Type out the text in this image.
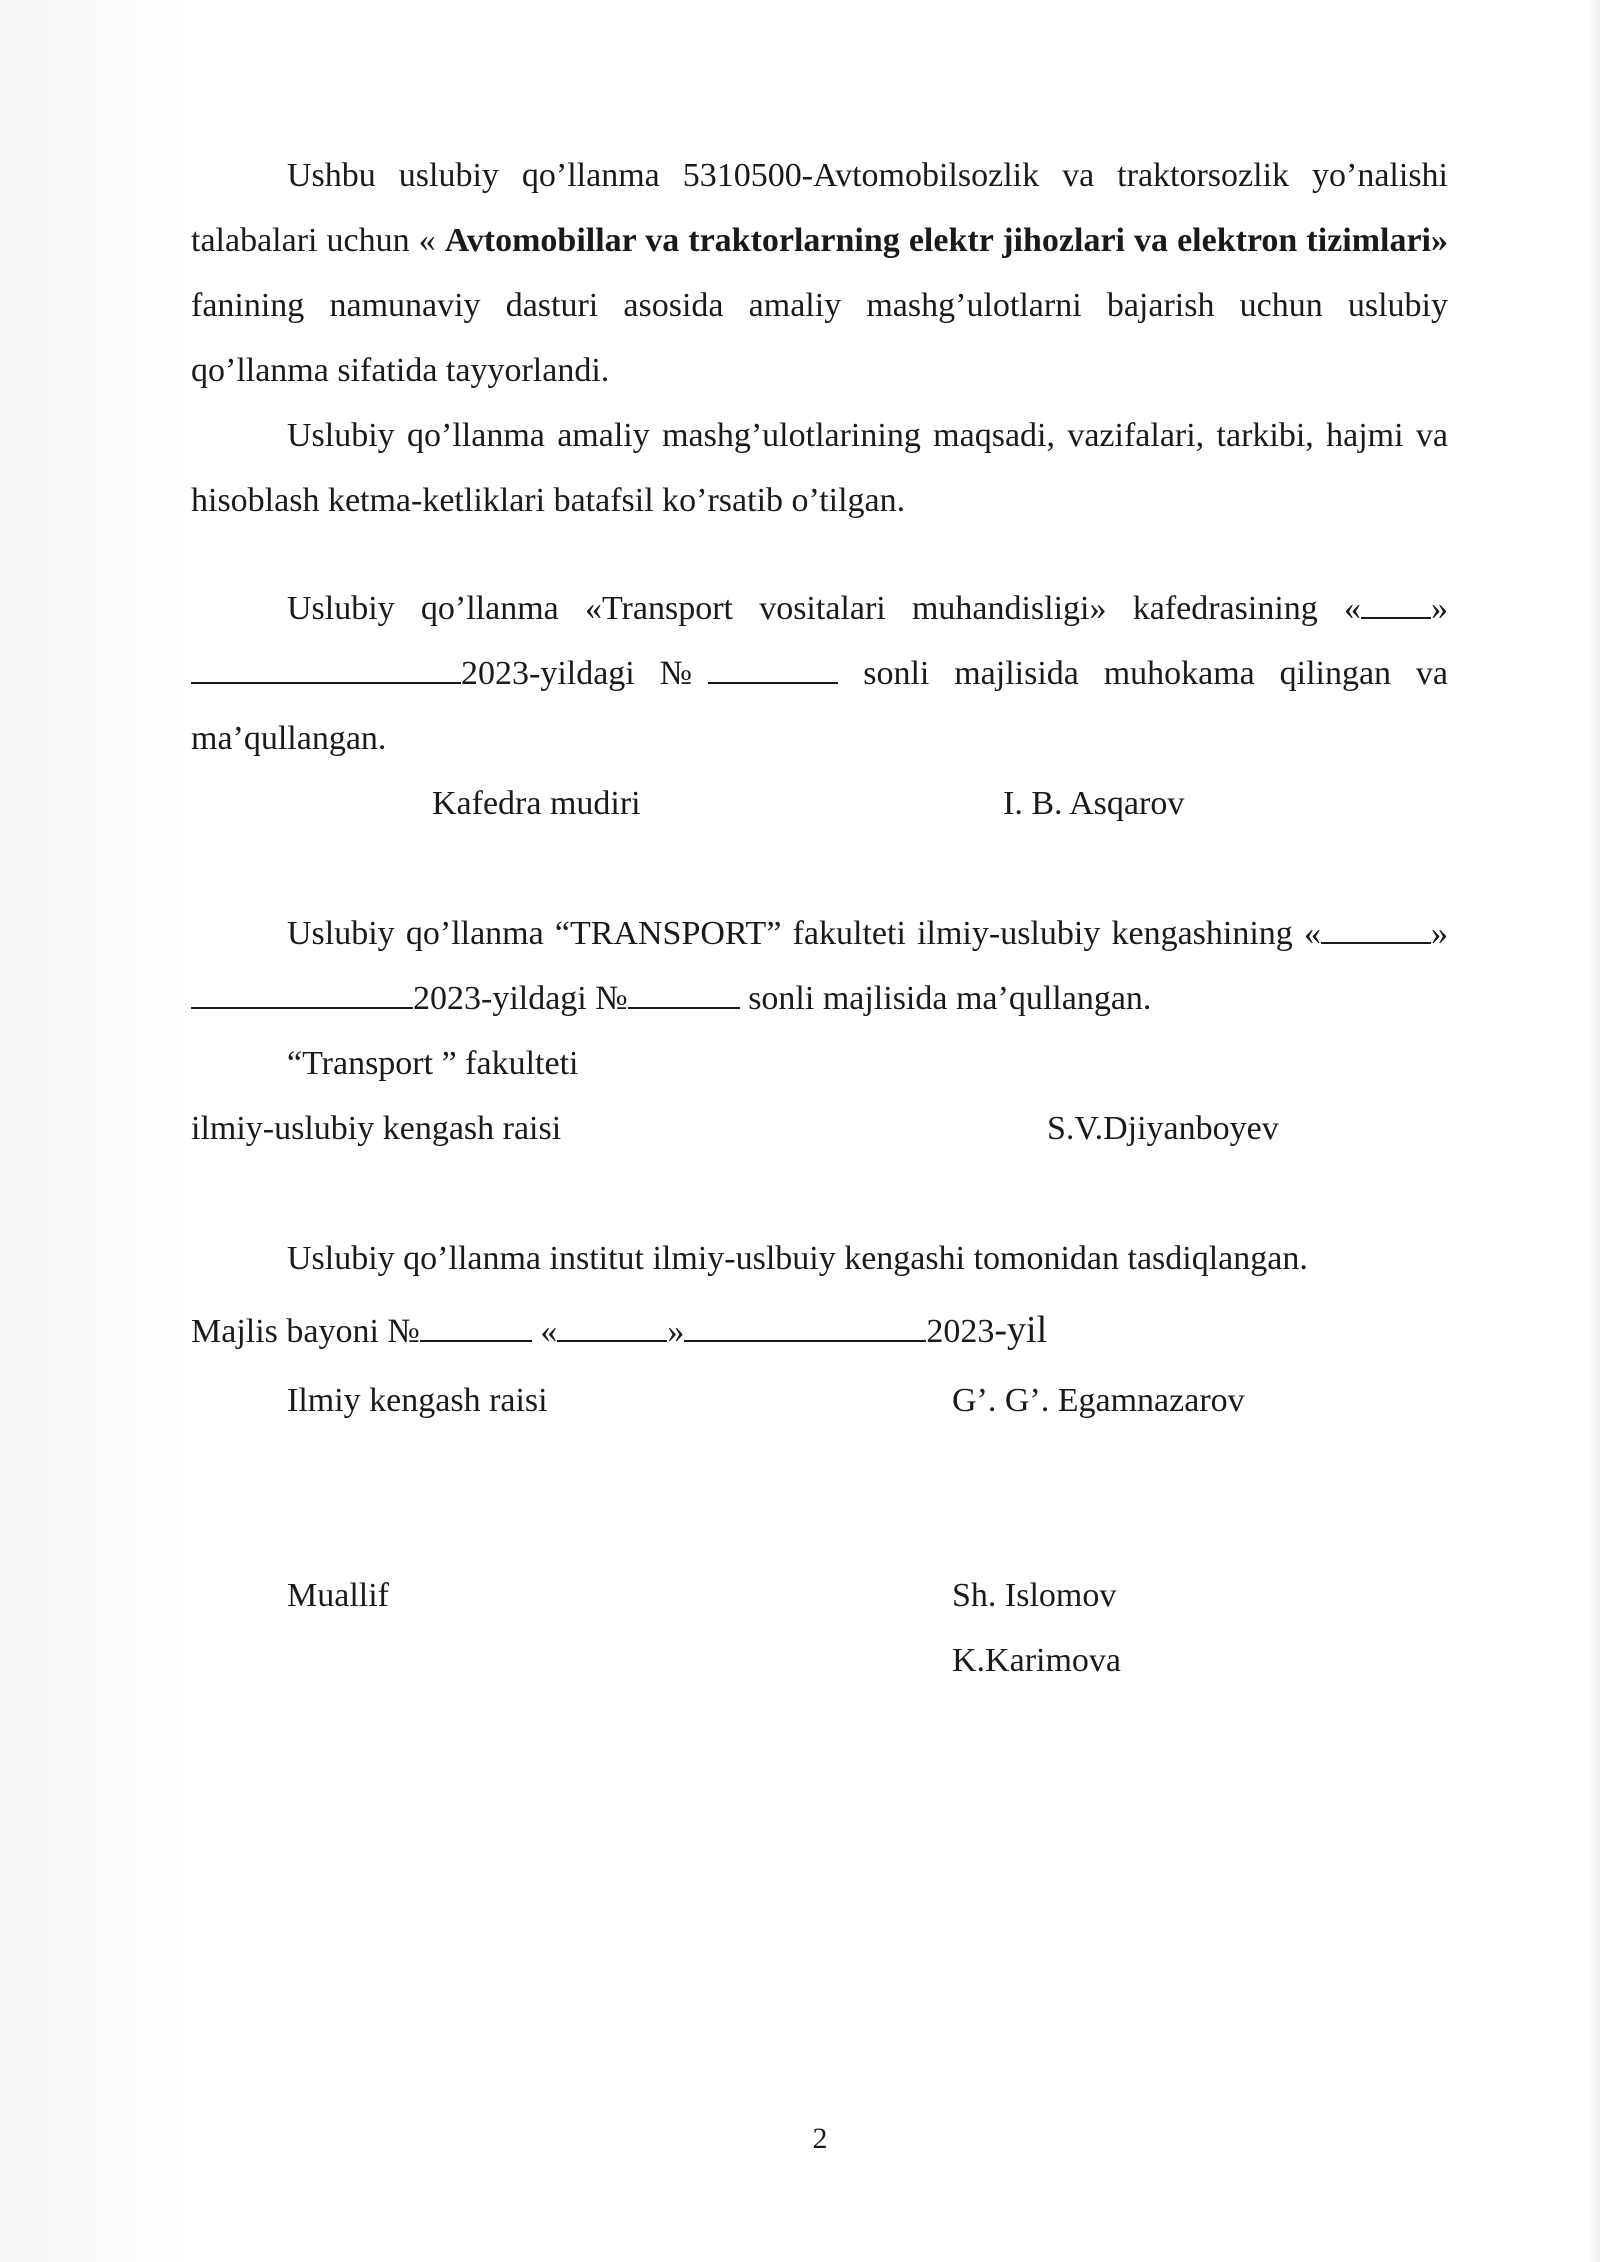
Ushbu uslubiy qo’llanma 5310500-Avtomobilsozlik va traktorsozlik yo’nalishi talabalari uchun « Avtomobillar va traktorlarning elektr jihozlari va elektron tizimlari» fanining namunaviy dasturi asosida amaliy mashg’ulotlarni bajarish uchun uslubiy qo’llanma sifatida tayyorlandi.
Uslubiy qo’llanma amaliy mashg’ulotlarining maqsadi, vazifalari, tarkibi, hajmi va hisoblash ketma-ketliklari batafsil ko’rsatib o’tilgan.
Uslubiy qo’llanma «Transport vositalari muhandisligi» kafedrasining « »2023-yildagi №	sonli majlisida muhokama qilingan va ma’qullangan.
Kafedra mudiri	I. B. Asqarov
Uslubiy qo’llanma “TRANSPORT” fakulteti ilmiy-uslubiy kengashining «	»2023-yildagi №	sonli majlisida ma’qullangan.
“Transport ” fakulteti
ilmiy-uslubiy kengash raisi	S.V.Djiyanboyev
Uslubiy qo’llanma institut ilmiy-uslbuiy kengashi tomonidan tasdiqlangan.
Majlis bayoni №	«	»	2023-yil
Ilmiy kengash raisi	G’. G’. Egamnazarov
Muallif	Sh. Islomov
K.Karimova
2
